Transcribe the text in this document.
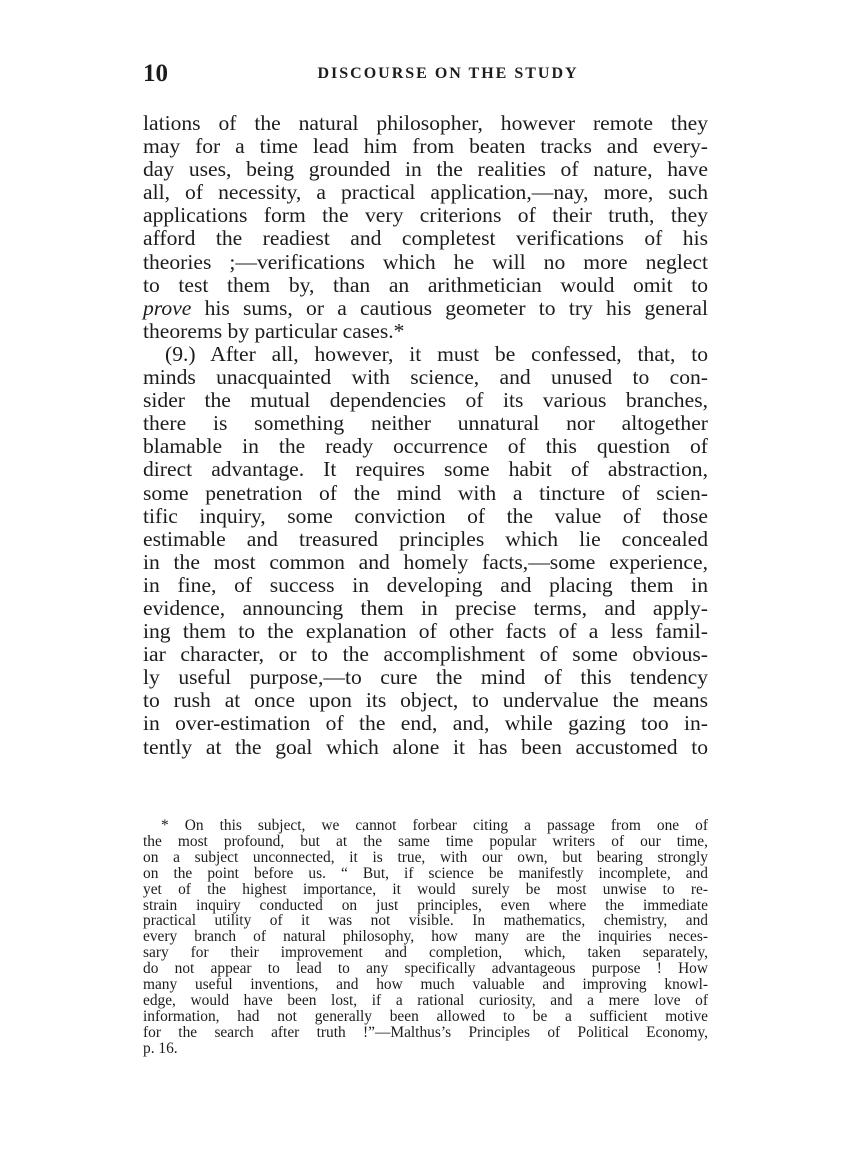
10	DISCOURSE ON THE STUDY
lations of the natural philosopher, however remote they
may for a time lead him from beaten tracks and every-
day uses, being grounded in the realities of nature, have
all, of necessity, a practical application,—nay, more, such
applications form the very criterions of their truth, they
afford the readiest and completest verifications of his
theories ;—verifications which he will no more neglect
to test them by, than an arithmetician would omit to
prove his sums, or a cautious geometer to try his general
theorems by particular cases.*
(9.) After all, however, it must be confessed, that, to
minds unacquainted with science, and unused to con-
sider the mutual dependencies of its various branches,
there is something neither unnatural nor altogether
blamable in the ready occurrence of this question of
direct advantage. It requires some habit of abstraction,
some penetration of the mind with a tincture of scien-
tific inquiry, some conviction of the value of those
estimable and treasured principles which lie concealed
in the most common and homely facts,—some experience,
in fine, of success in developing and placing them in
evidence, announcing them in precise terms, and apply-
ing them to the explanation of other facts of a less famil-
iar character, or to the accomplishment of some obvious-
ly useful purpose,—to cure the mind of this tendency
to rush at once upon its object, to undervalue the means
in over-estimation of the end, and, while gazing too in-
tently at the goal which alone it has been accustomed to
* On this subject, we cannot forbear citing a passage from one of
the most profound, but at the same time popular writers of our time,
on a subject unconnected, it is true, with our own, but bearing strongly
on the point before us. “ But, if science be manifestly incomplete, and
yet of the highest importance, it would surely be most unwise to re-
strain inquiry conducted on just principles, even where the immediate
practical utility of it was not visible. In mathematics, chemistry, and
every branch of natural philosophy, how many are the inquiries neces-
sary for their improvement and completion, which, taken separately,
do not appear to lead to any specifically advantageous purpose ! How
many useful inventions, and how much valuable and improving knowl-
edge, would have been lost, if a rational curiosity, and a mere love of
information, had not generally been allowed to be a sufficient motive
for the search after truth !”—Malthus’s Principles of Political Economy,
p. 16.
